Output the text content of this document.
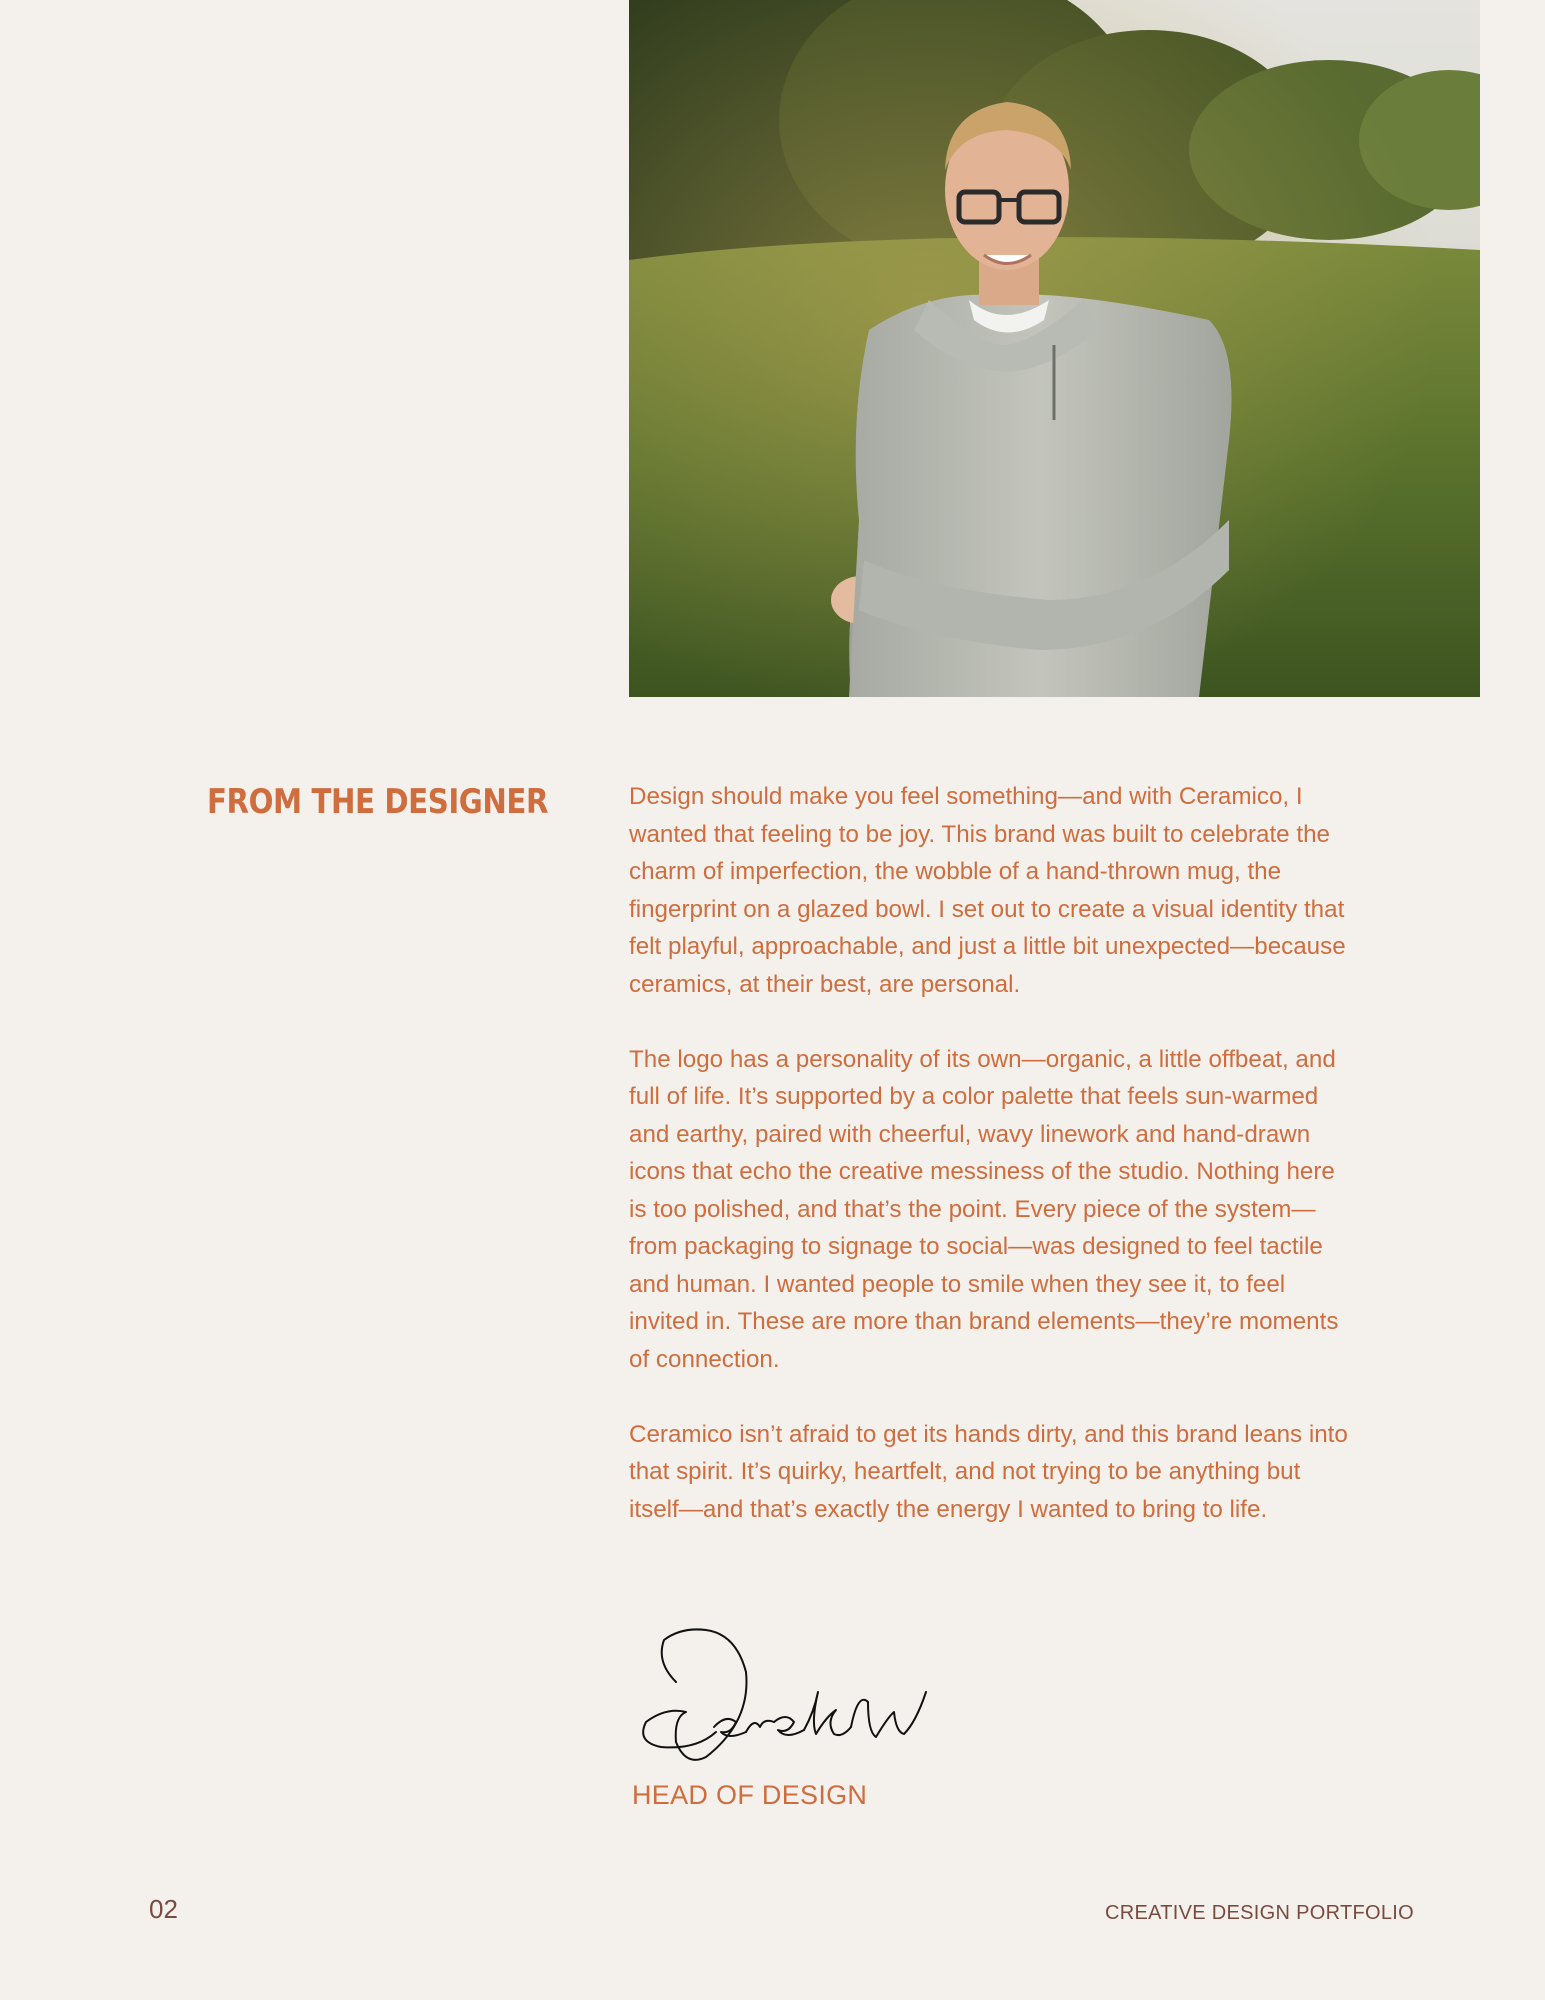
FROM THE DESIGNER	Design should make you feel something—and with Ceramico, I wanted that feeling to be joy. This brand was built to celebrate the charm of imperfection, the wobble of a hand-thrown mug, the fingerprint on a glazed bowl. I set out to create a visual identity that felt playful, approachable, and just a little bit unexpected—because ceramics, at their best, are personal.

The logo has a personality of its own—organic, a little offbeat, and full of life. It’s supported by a color palette that feels sun-warmed and earthy, paired with cheerful, wavy linework and hand-drawn icons that echo the creative messiness of the studio. Nothing here is too polished, and that’s the point. Every piece of the system—from packaging to signage to social—was designed to feel tactile and human. I wanted people to smile when they see it, to feel invited in. These are more than brand elements—they’re moments of connection.

Ceramico isn’t afraid to get its hands dirty, and this brand leans into that spirit. It’s quirky, heartfelt, and not trying to be anything but itself—and that’s exactly the energy I wanted to bring to life.

HEAD OF DESIGN
02	CREATIVE DESIGN PORTFOLIO
